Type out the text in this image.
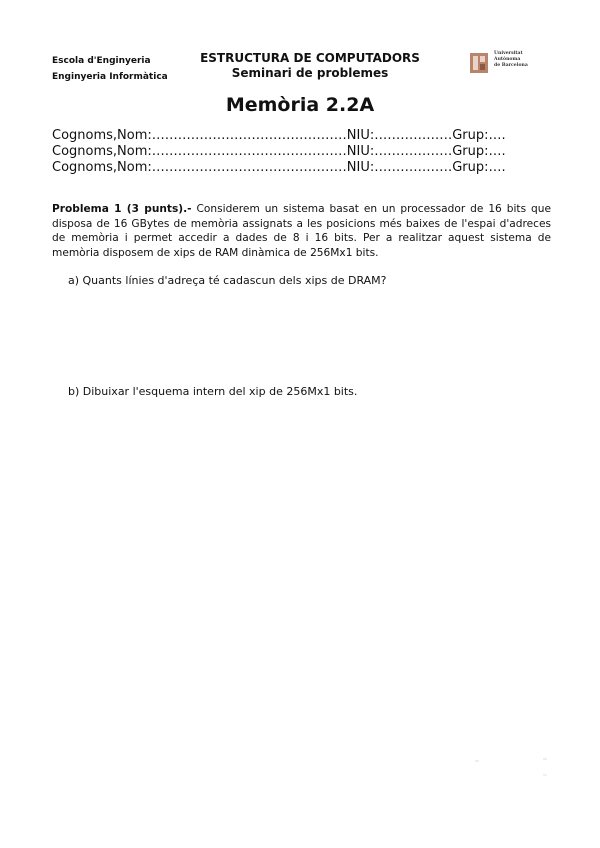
Escola d'Enginyeria
Enginyeria Informàtica
ESTRUCTURA DE COMPUTADORS
Seminari de problemes
Universitat
Autònoma
de Barcelona
Memòria 2.2A
Cognoms,Nom:………………………………………NIU:………………Grup:….
Cognoms,Nom:………………………………………NIU:………………Grup:….
Cognoms,Nom:………………………………………NIU:………………Grup:….
Problema 1 (3 punts).- Considerem un sistema basat en un processador de 16 bits que disposa de 16 GBytes de memòria assignats a les posicions més baixes de l'espai d'adreces de memòria i permet accedir a dades de 8 i 16 bits. Per a realitzar aquest sistema de memòria disposem de xips de RAM dinàmica de 256Mx1 bits.
a) Quants línies d'adreça té cadascun dels xips de DRAM?
b) Dibuixar l'esquema intern del xip de 256Mx1 bits.
